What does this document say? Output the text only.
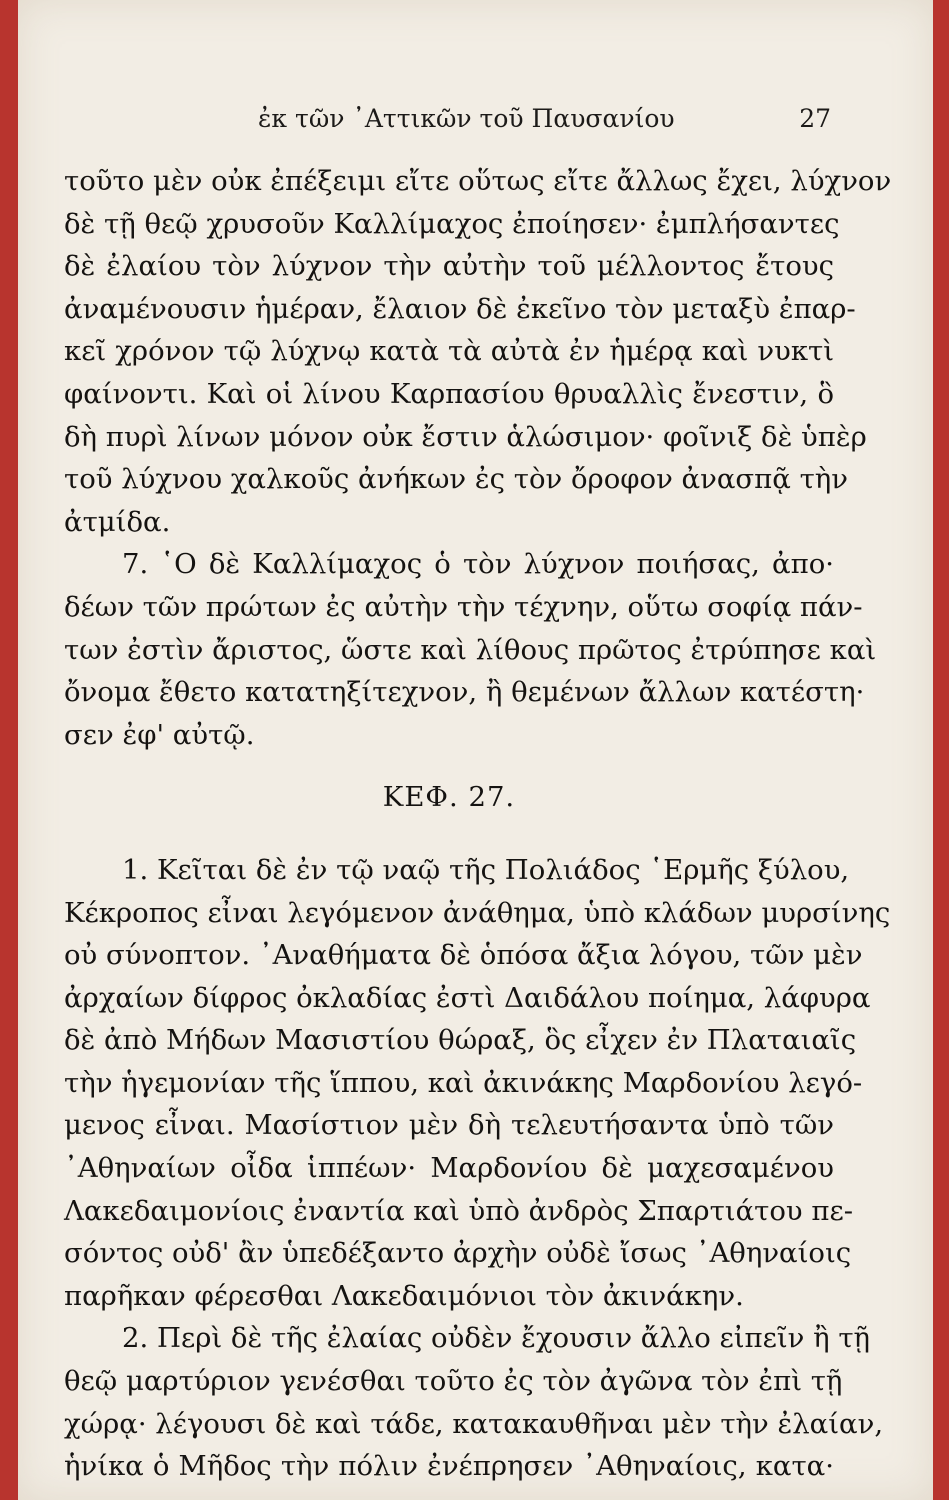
ἐκ τῶν ᾿Αττικῶν τοῦ Παυσανίου	27
τοῦτο μὲν οὐκ ἐπέξειμι εἴτε οὕτως εἴτε ἄλλως ἔχει, λύχνον
δὲ τῇ θεῷ χρυσοῦν Καλλίμαχος ἐποίησεν· ἐμπλήσαντες
δὲ ἐλαίου τὸν λύχνον τὴν αὐτὴν τοῦ μέλλοντος ἔτους
ἀναμένουσιν ἡμέραν, ἔλαιον δὲ ἐκεῖνο τὸν μεταξὺ ἐπαρ-
κεῖ χρόνον τῷ λύχνῳ κατὰ τὰ αὐτὰ ἐν ἡμέρᾳ καὶ νυκτὶ
φαίνοντι. Καὶ οἱ λίνου Καρπασίου θρυαλλὶς ἔνεστιν, ὃ
δὴ πυρὶ λίνων μόνον οὐκ ἔστιν ἁλώσιμον· φοῖνιξ δὲ ὑπὲρ
τοῦ λύχνου χαλκοῦς ἀνήκων ἐς τὸν ὄροφον ἀνασπᾷ τὴν
ἀτμίδα.
7. ῾Ο δὲ Καλλίμαχος ὁ τὸν λύχνον ποιήσας, ἀπο·
δέων τῶν πρώτων ἐς αὐτὴν τὴν τέχνην, οὕτω σοφίᾳ πάν-
των ἐστὶν ἄριστος, ὥστε καὶ λίθους πρῶτος ἐτρύπησε καὶ
ὄνομα ἔθετο κατατηξίτεχνον, ἢ θεμένων ἄλλων κατέστη·
σεν ἐφ' αὐτῷ.
ΚΕΦ. 27.
1. Κεῖται δὲ ἐν τῷ ναῷ τῆς Πολιάδος ῾Ερμῆς ξύλου,
Κέκροπος εἶναι λεγόμενον ἀνάθημα, ὑπὸ κλάδων μυρσίνης
οὐ σύνοπτον. ᾿Αναθήματα δὲ ὁπόσα ἄξια λόγου, τῶν μὲν
ἀρχαίων δίφρος ὀκλαδίας ἐστὶ Δαιδάλου ποίημα, λάφυρα
δὲ ἀπὸ Μήδων Μασιστίου θώραξ, ὃς εἶχεν ἐν Πλαταιαῖς
τὴν ἡγεμονίαν τῆς ἵππου, καὶ ἀκινάκης Μαρδονίου λεγό-
μενος εἶναι. Μασίστιον μὲν δὴ τελευτήσαντα ὑπὸ τῶν
᾿Αθηναίων οἶδα ἱππέων· Μαρδονίου δὲ μαχεσαμένου
Λακεδαιμονίοις ἐναντία καὶ ὑπὸ ἀνδρὸς Σπαρτιάτου πε-
σόντος οὐδ' ἂν ὑπεδέξαντο ἀρχὴν οὐδὲ ἴσως ᾿Αθηναίοις
παρῆκαν φέρεσθαι Λακεδαιμόνιοι τὸν ἀκινάκην.
2. Περὶ δὲ τῆς ἐλαίας οὐδὲν ἔχουσιν ἄλλο εἰπεῖν ἢ τῇ
θεῷ μαρτύριον γενέσθαι τοῦτο ἐς τὸν ἀγῶνα τὸν ἐπὶ τῇ
χώρᾳ· λέγουσι δὲ καὶ τάδε, κατακαυθῆναι μὲν τὴν ἐλαίαν,
ἡνίκα ὁ Μῆδος τὴν πόλιν ἐνέπρησεν ᾿Αθηναίοις, κατα·
